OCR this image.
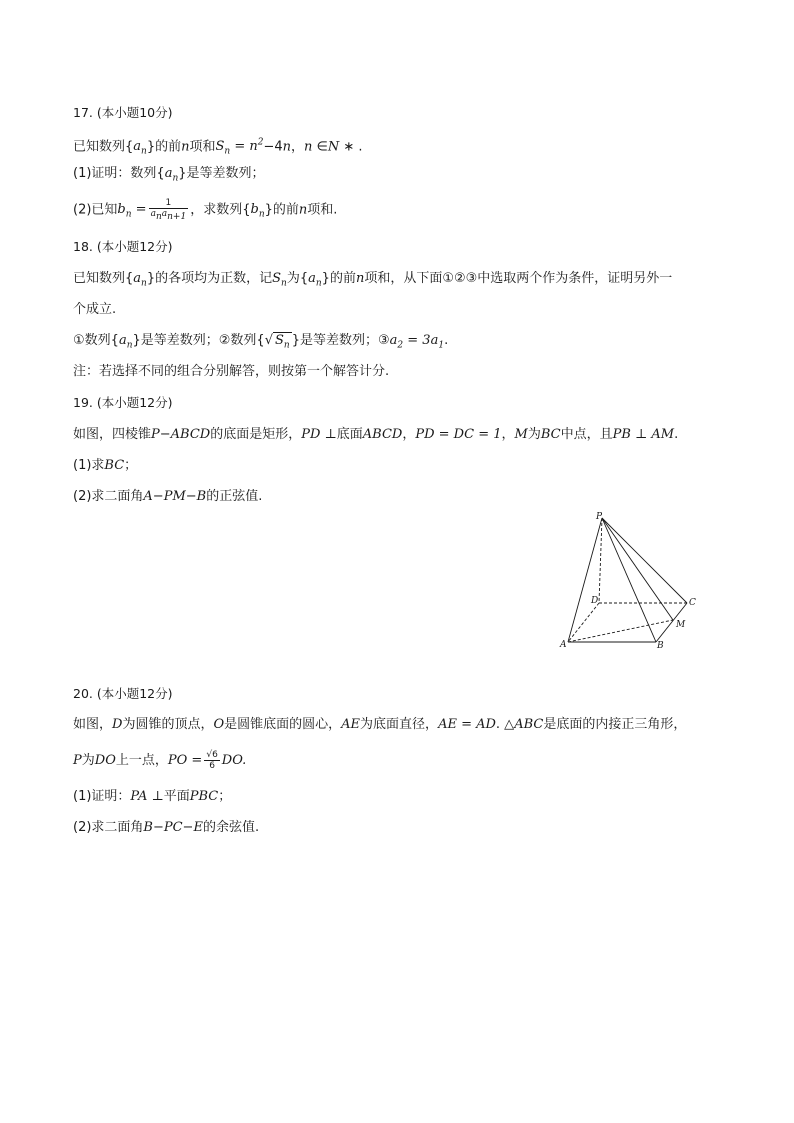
17. (本小题10分)
已知数列$\{a_n\}$的前n项和$S_n = n^2-4n$，n ∈N ∗ .
(1)证明：数列$\{a_n\}$是等差数列；
(2)已知$b_n = \frac{1}{a_na_{n+1}}$ ，求数列$\{b_n\}$的前n项和.
18. (本小题12分)
已知数列$\{a_n\}$的各项均为正数，记$S_n$为$\{a_n\}$的前n项和，从下面①②③中选取两个作为条件，证明另外一
个成立.
①数列$\{a_n\}$是等差数列；②数列{√ $S_n$ }是等差数列；$③a_2 = 3a_1$.
注：若选择不同的组合分别解答，则按第一个解答计分.
19. (本小题12分)
如图，四棱锥P−ABCD的底面是矩形，PD ⊥底面ABCD，PD = DC = 1，M为BC中点，且PB ⊥ AM.
(1)求BC；
(2)求二面角A−PM−B的正弦值.
P
D	C
M
A	B
20. (本小题12分)
如图，D为圆锥的顶点，O是圆锥底面的圆心，AE为底面直径，AE = AD. △ABC是底面的内接正三角形，
P为DO上一点，PO = $\frac{√6}{6}$ DO.
(1)证明：PA ⊥平面PBC；
(2)求二面角B−PC−E的余弦值.
